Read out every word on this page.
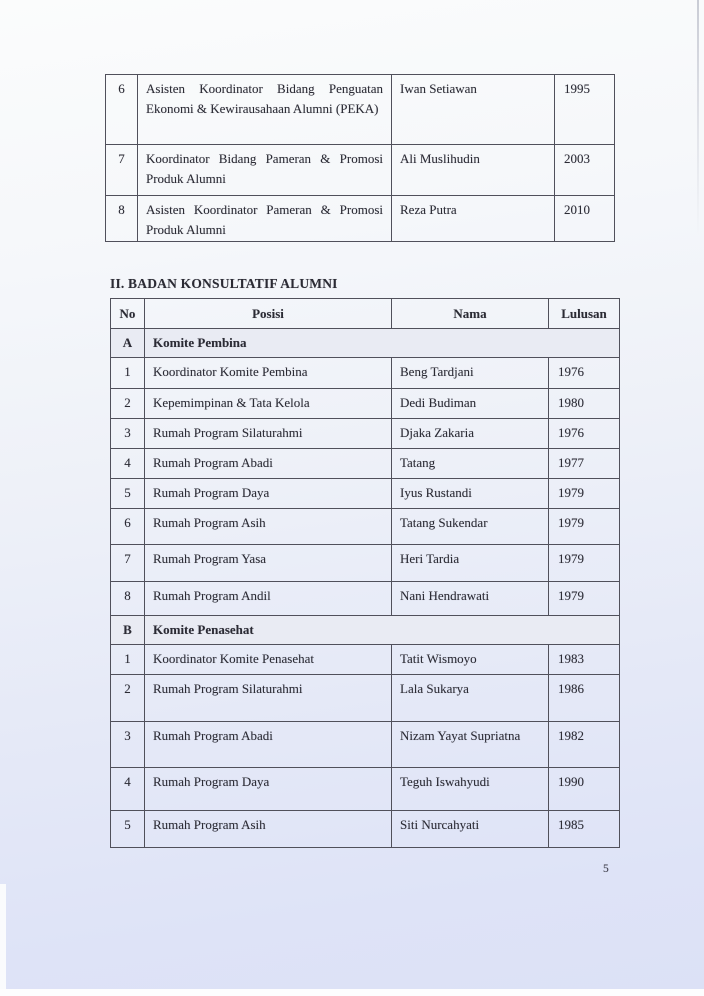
6	Asisten Koordinator Bidang Penguatan Ekonomi & Kewirausahaan Alumni (PEKA)	Iwan Setiawan	1995
7	Koordinator Bidang Pameran & Promosi Produk Alumni	Ali Muslihudin	2003
8	Asisten Koordinator Pameran & Promosi Produk Alumni	Reza Putra	2010
II. BADAN KONSULTATIF ALUMNI
No	Posisi	Nama	Lulusan
A	Komite Pembina		
1	Koordinator Komite Pembina	Beng Tardjani	1976
2	Kepemimpinan & Tata Kelola	Dedi Budiman	1980
3	Rumah Program Silaturahmi	Djaka Zakaria	1976
4	Rumah Program Abadi	Tatang	1977
5	Rumah Program Daya	Iyus Rustandi	1979
6	Rumah Program Asih	Tatang Sukendar	1979
7	Rumah Program Yasa	Heri Tardia	1979
8	Rumah Program Andil	Nani Hendrawati	1979
B	Komite Penasehat		
1	Koordinator Komite Penasehat	Tatit Wismoyo	1983
2	Rumah Program Silaturahmi	Lala Sukarya	1986
3	Rumah Program Abadi	Nizam Yayat Supriatna	1982
4	Rumah Program Daya	Teguh Iswahyudi	1990
5	Rumah Program Asih	Siti Nurcahyati	1985
5
